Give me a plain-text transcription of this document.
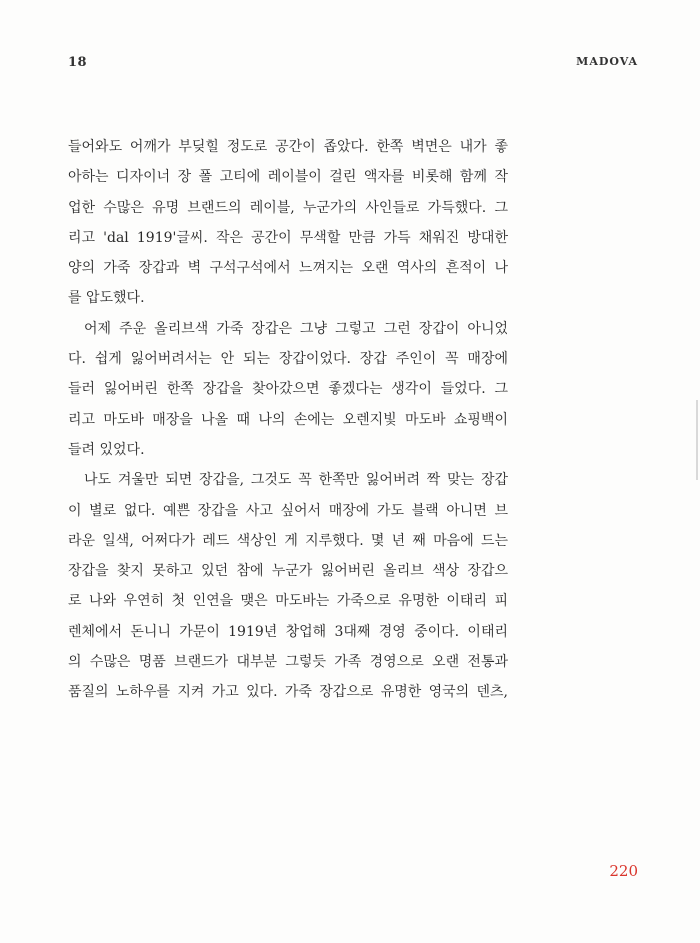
18	MADOVA
들어와도 어깨가 부딪힐 정도로 공간이 좁았다. 한쪽 벽면은 내가 좋
아하는 디자이너 장 폴 고티에 레이블이 걸린 액자를 비롯해 함께 작
업한 수많은 유명 브랜드의 레이블, 누군가의 사인들로 가득했다. 그
리고 'dal 1919'글씨. 작은 공간이 무색할 만큼 가득 채워진 방대한
양의 가죽 장갑과 벽 구석구석에서 느껴지는 오랜 역사의 흔적이 나
를 압도했다.
어제 주운 올리브색 가죽 장갑은 그냥 그렇고 그런 장갑이 아니었
다. 쉽게 잃어버려서는 안 되는 장갑이었다. 장갑 주인이 꼭 매장에
들러 잃어버린 한쪽 장갑을 찾아갔으면 좋겠다는 생각이 들었다. 그
리고 마도바 매장을 나올 때 나의 손에는 오렌지빛 마도바 쇼핑백이
들려 있었다.
나도 겨울만 되면 장갑을, 그것도 꼭 한쪽만 잃어버려 짝 맞는 장갑
이 별로 없다. 예쁜 장갑을 사고 싶어서 매장에 가도 블랙 아니면 브
라운 일색, 어쩌다가 레드 색상인 게 지루했다. 몇 년 째 마음에 드는
장갑을 찾지 못하고 있던 참에 누군가 잃어버린 올리브 색상 장갑으
로 나와 우연히 첫 인연을 맺은 마도바는 가죽으로 유명한 이태리 피
렌체에서 돈니니 가문이 1919년 창업해 3대째 경영 중이다. 이태리
의 수많은 명품 브랜드가 대부분 그렇듯 가족 경영으로 오랜 전통과
품질의 노하우를 지켜 가고 있다. 가죽 장갑으로 유명한 영국의 덴츠,
220
